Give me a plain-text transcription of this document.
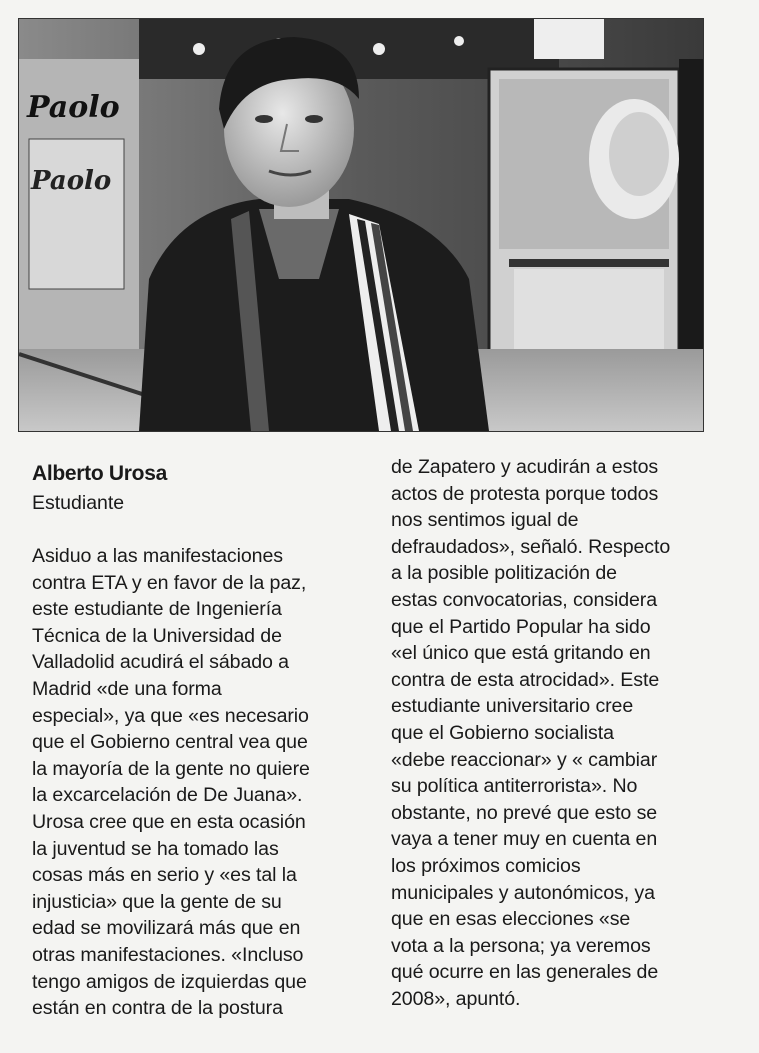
Paolo
Paolo
Alberto Urosa
Estudiante
Asiduo a las manifestaciones
contra ETA y en favor de la paz,
este estudiante de Ingeniería
Técnica de la Universidad de
Valladolid acudirá el sábado a
Madrid «de una forma
especial», ya que «es necesario
que el Gobierno central vea que
la mayoría de la gente no quiere
la excarcelación de De Juana».
Urosa cree que en esta ocasión
la juventud se ha tomado las
cosas más en serio y «es tal la
injusticia» que la gente de su
edad se movilizará más que en
otras manifestaciones. «Incluso
tengo amigos de izquierdas que
están en contra de la postura
de Zapatero y acudirán a estos
actos de protesta porque todos
nos sentimos igual de
defraudados», señaló. Respecto
a la posible politización de
estas convocatorias, considera
que el Partido Popular ha sido
«el único que está gritando en
contra de esta atrocidad». Este
estudiante universitario cree
que el Gobierno socialista
«debe reaccionar» y « cambiar
su política antiterrorista». No
obstante, no prevé que esto se
vaya a tener muy en cuenta en
los próximos comicios
municipales y autonómicos, ya
que en esas elecciones «se
vota a la persona; ya veremos
qué ocurre en las generales de
2008», apuntó.
